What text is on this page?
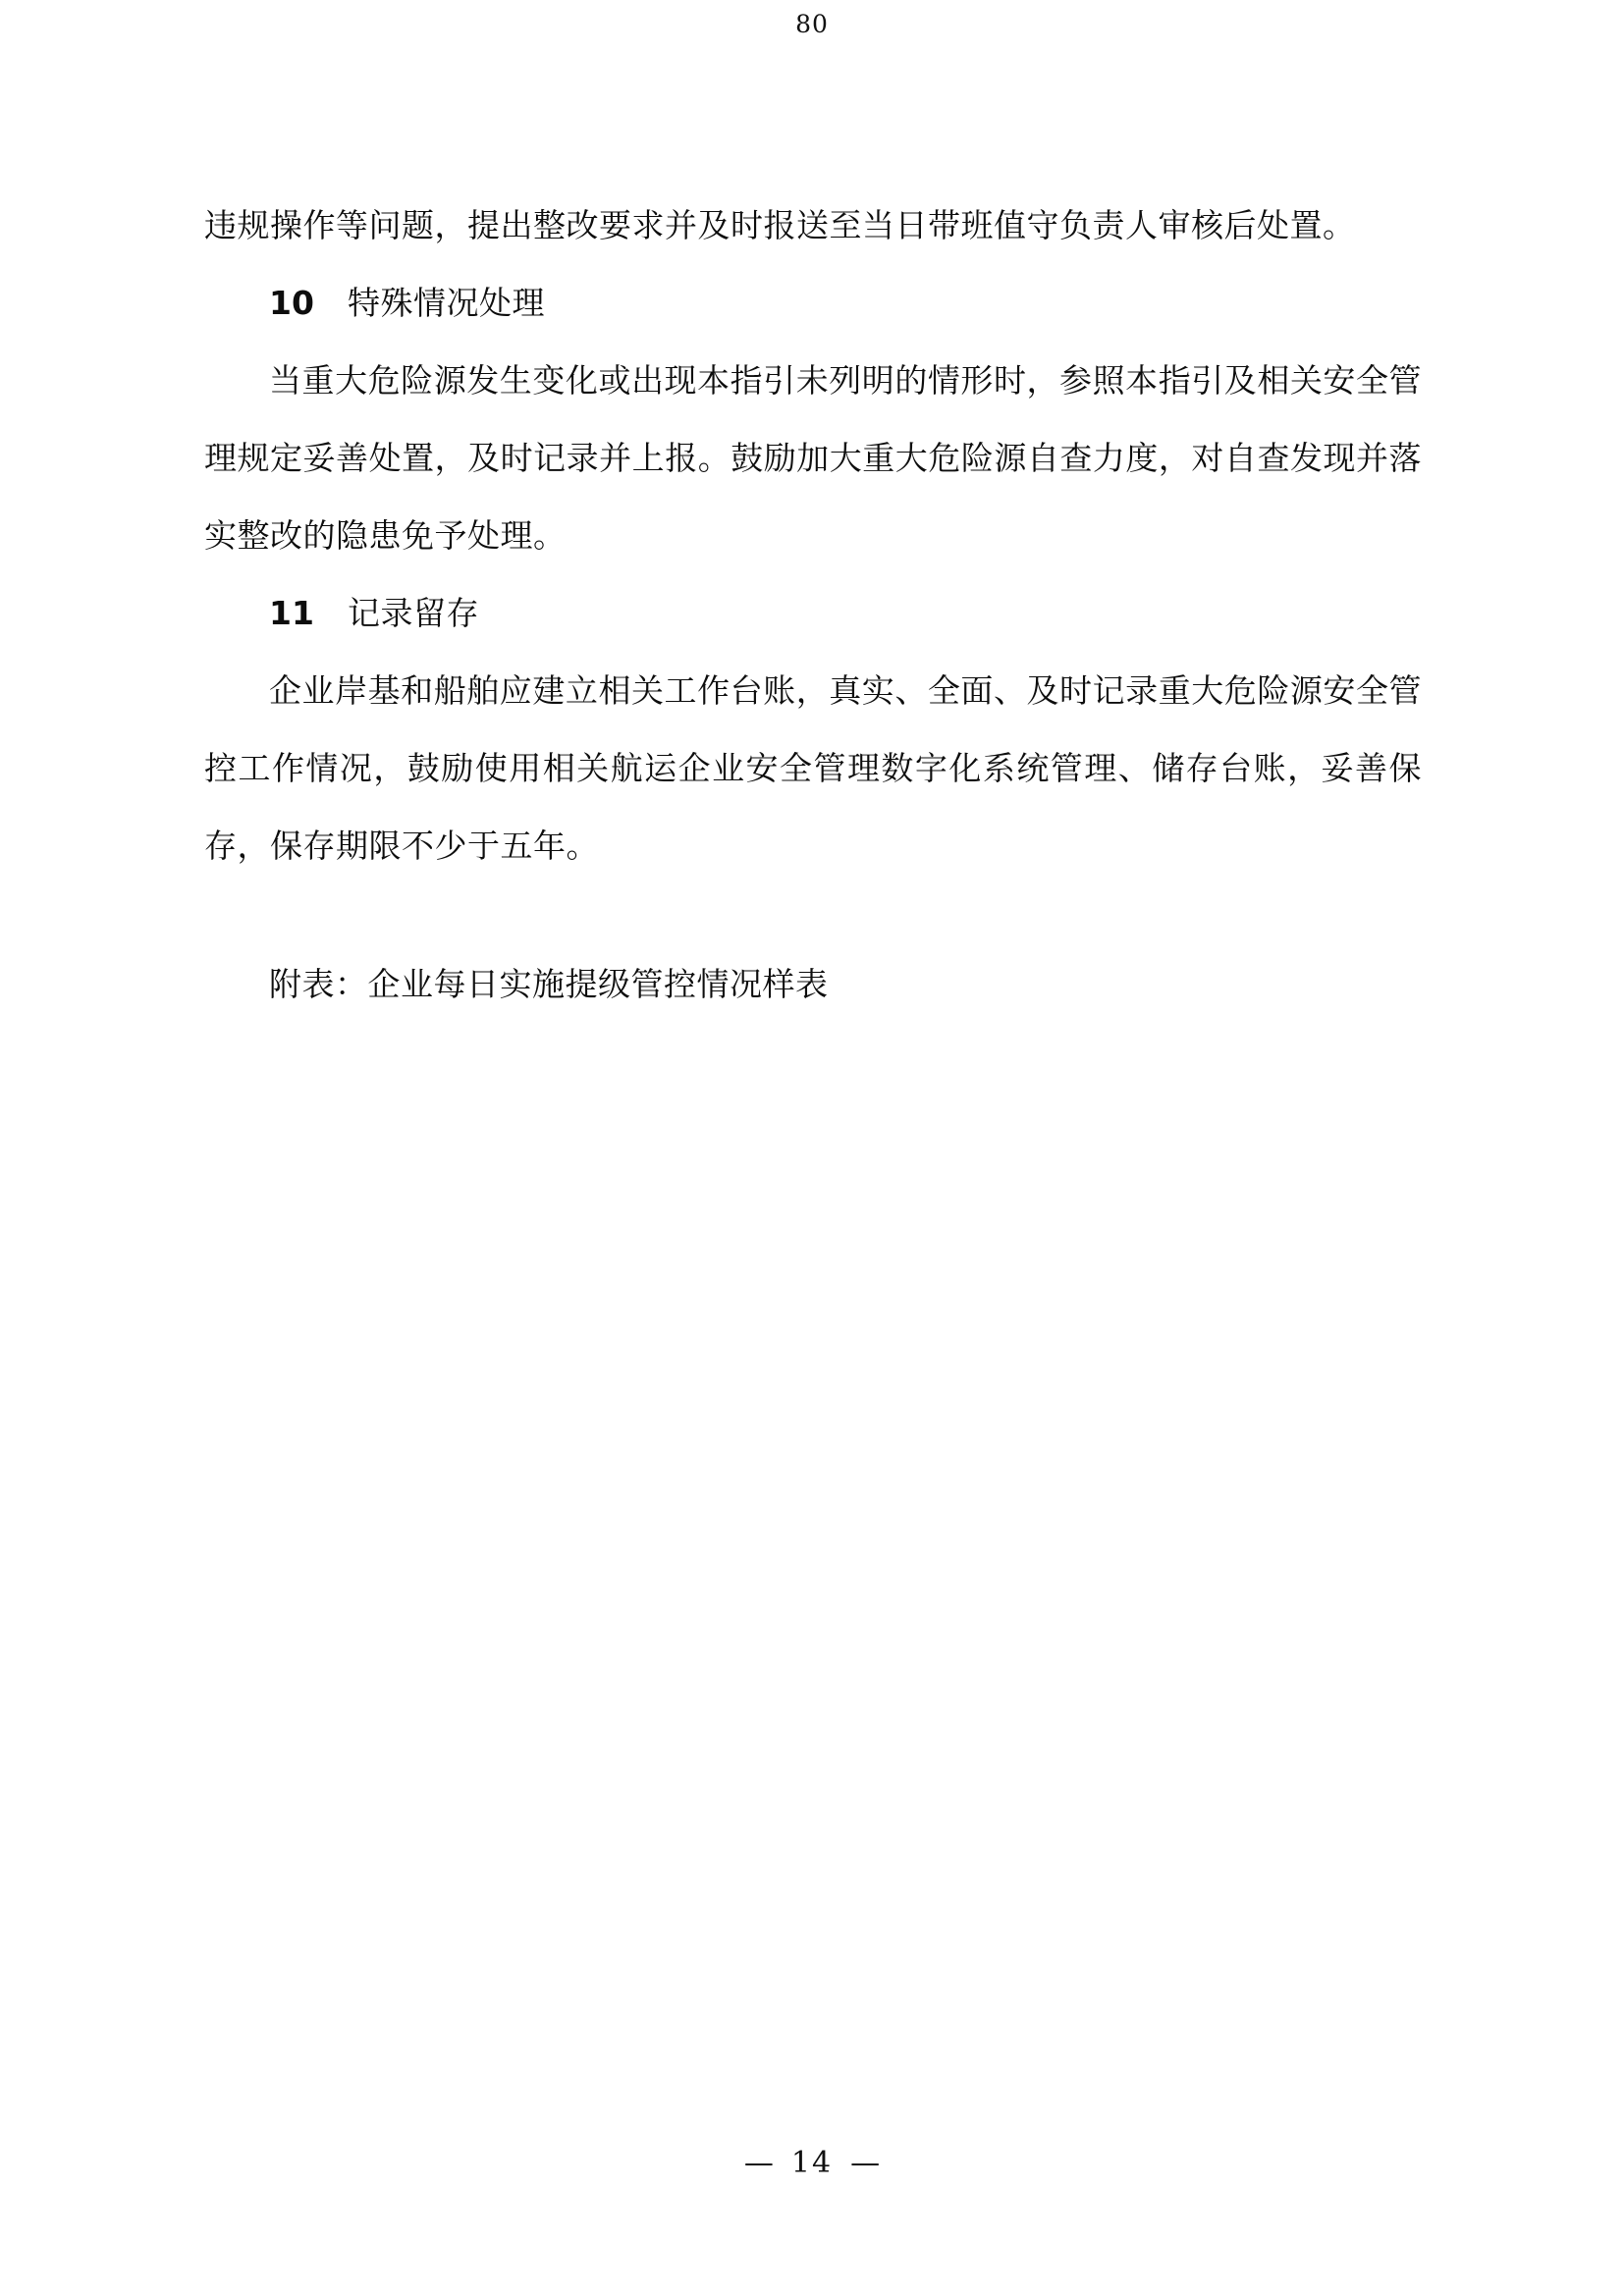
80

违规操作等问题，提出整改要求并及时报送至当日带班值守负责人审核后处置。

10 特殊情况处理

当重大危险源发生变化或出现本指引未列明的情形时，参照本指引及相关安全管理规定妥善处置，及时记录并上报。鼓励加大重大危险源自查力度，对自查发现并落实整改的隐患免予处理。

11 记录留存

企业岸基和船舶应建立相关工作台账，真实、全面、及时记录重大危险源安全管控工作情况，鼓励使用相关航运企业安全管理数字化系统管理、储存台账，妥善保存，保存期限不少于五年。

附表：企业每日实施提级管控情况样表

— 14 —
